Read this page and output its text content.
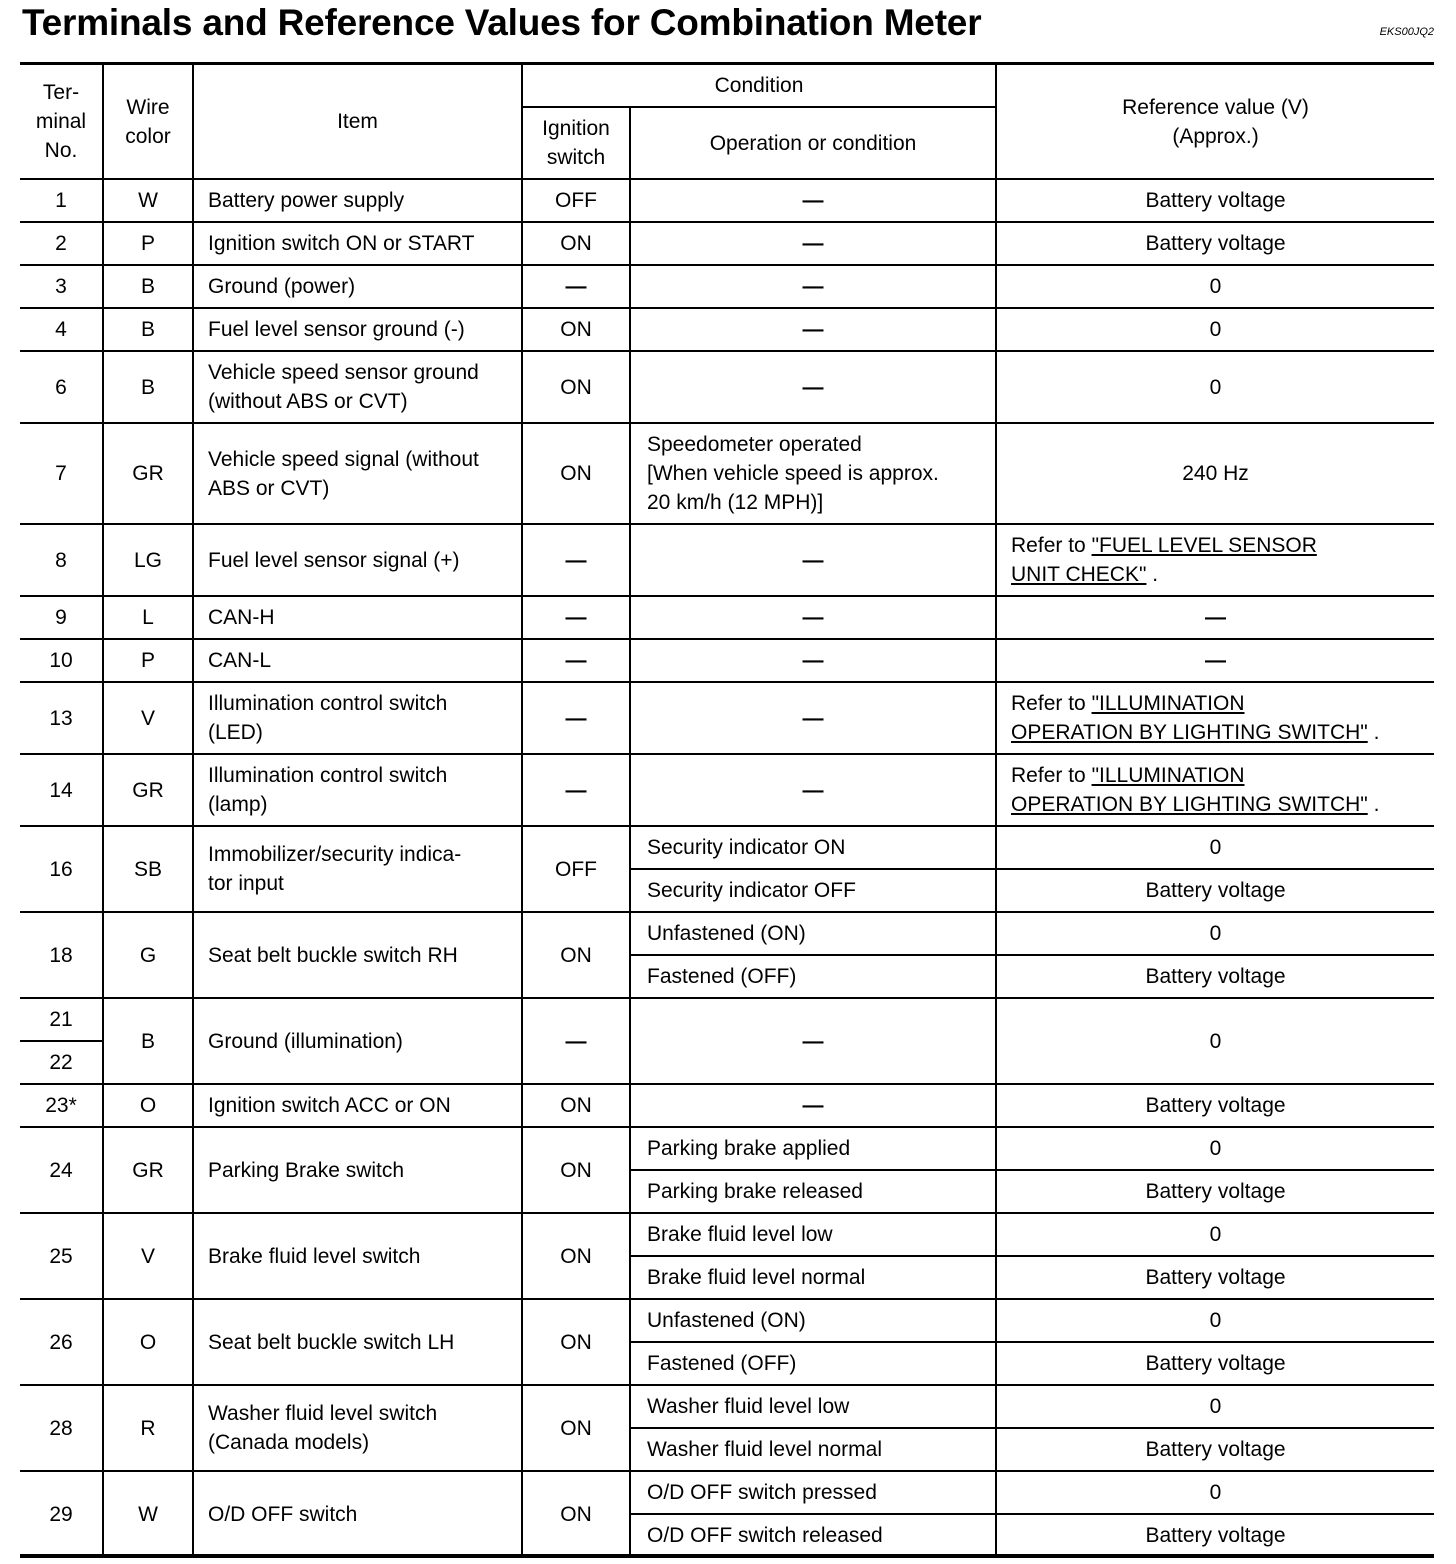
Terminals and Reference Values for Combination Meter	EKS00JQ2
Ter-
minal
No.	Wire
color	Item	Condition		Reference value (V)
(Approx.)
			Ignition
switch	Operation or condition	
1	W	Battery power supply	OFF	—	Battery voltage
2	P	Ignition switch ON or START	ON	—	Battery voltage
3	B	Ground (power)	—	—	0
4	B	Fuel level sensor ground (-)	ON	—	0
6	B	Vehicle speed sensor ground
(without ABS or CVT)	ON	—	0
7	GR	Vehicle speed signal (without
ABS or CVT)	ON	Speedometer operated
[When vehicle speed is approx.
20 km/h (12 MPH)]	240 Hz
8	LG	Fuel level sensor signal (+)	—	—	Refer to "FUEL LEVEL SENSOR
UNIT CHECK" .
9	L	CAN-H	—	—	—
10	P	CAN-L	—	—	—
13	V	Illumination control switch
(LED)	—	—	Refer to "ILLUMINATION
OPERATION BY LIGHTING SWITCH" .
14	GR	Illumination control switch
(lamp)	—	—	Refer to "ILLUMINATION
OPERATION BY LIGHTING SWITCH" .
16	SB	Immobilizer/security indica-
tor input	OFF	Security indicator ON	0
				Security indicator OFF	Battery voltage
18	G	Seat belt buckle switch RH	ON	Unfastened (ON)	0
				Fastened (OFF)	Battery voltage
21	B	Ground (illumination)	—	—	0
22					
23*	O	Ignition switch ACC or ON	ON	—	Battery voltage
24	GR	Parking Brake switch	ON	Parking brake applied	0
				Parking brake released	Battery voltage
25	V	Brake fluid level switch	ON	Brake fluid level low	0
				Brake fluid level normal	Battery voltage
26	O	Seat belt buckle switch LH	ON	Unfastened (ON)	0
				Fastened (OFF)	Battery voltage
28	R	Washer fluid level switch
(Canada models)	ON	Washer fluid level low	0
				Washer fluid level normal	Battery voltage
29	W	O/D OFF switch	ON	O/D OFF switch pressed	0
				O/D OFF switch released	Battery voltage
